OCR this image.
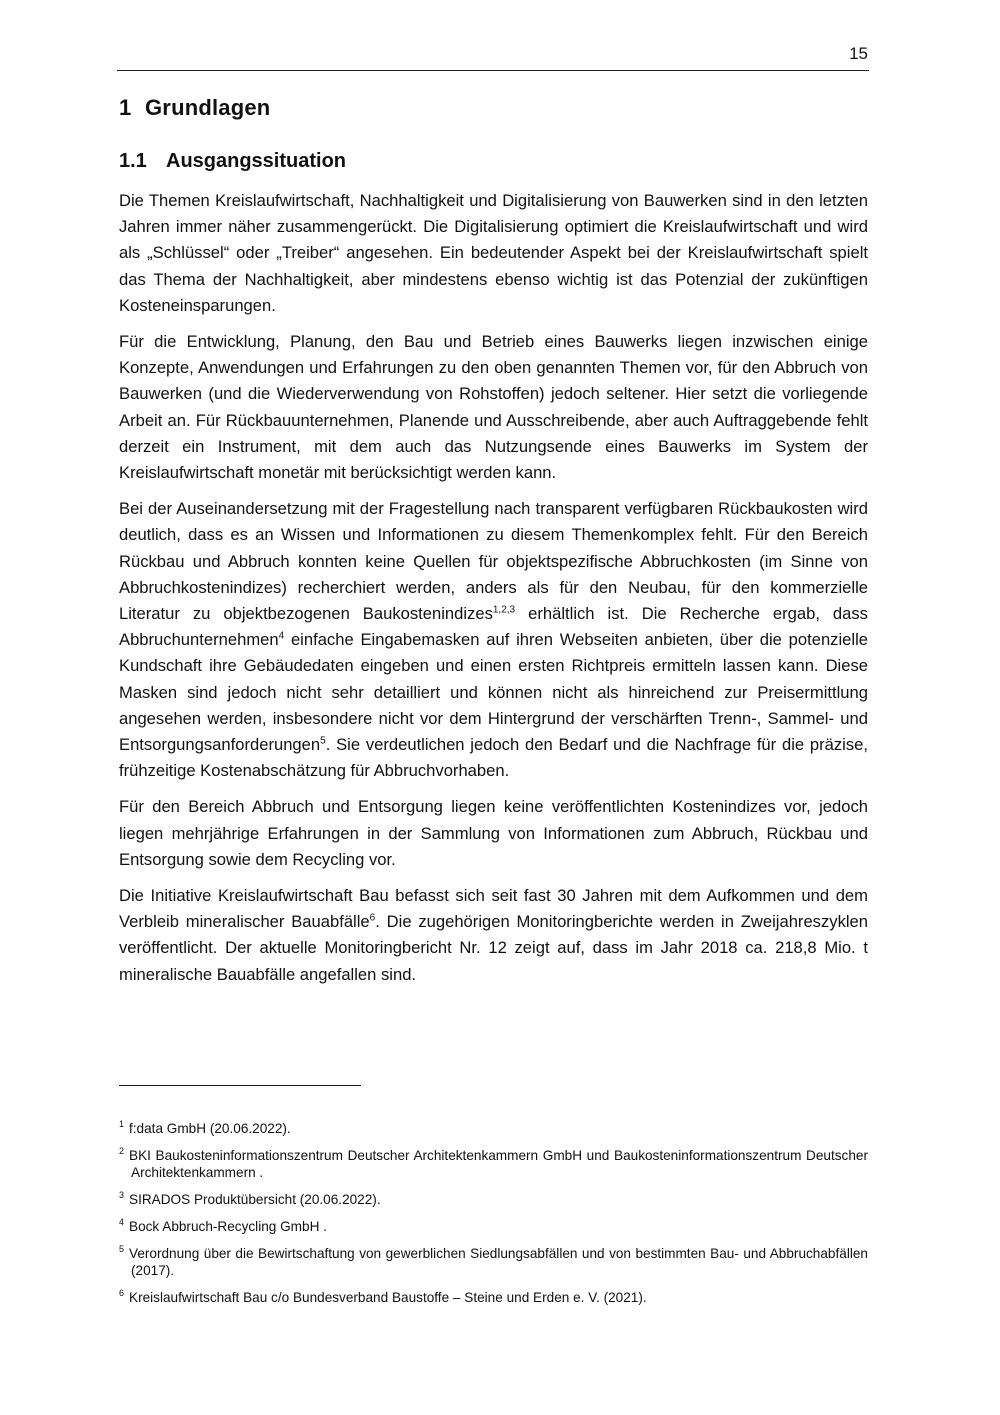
15
1 Grundlagen
1.1 Ausgangssituation

Die Themen Kreislaufwirtschaft, Nachhaltigkeit und Digitalisierung von Bauwerken sind in den letzten Jahren immer näher zusammengerückt. Die Digitalisierung optimiert die Kreislaufwirtschaft und wird als „Schlüssel“ oder „Treiber“ angesehen. Ein bedeutender Aspekt bei der Kreislaufwirtschaft spielt das Thema der Nachhaltigkeit, aber mindestens ebenso wichtig ist das Potenzial der zukünftigen Kosteneinsparungen.

Für die Entwicklung, Planung, den Bau und Betrieb eines Bauwerks liegen inzwischen einige Konzepte, Anwendungen und Erfahrungen zu den oben genannten Themen vor, für den Abbruch von Bauwerken (und die Wiederverwendung von Rohstoffen) jedoch seltener. Hier setzt die vorliegende Arbeit an. Für Rückbauunternehmen, Planende und Ausschreibende, aber auch Auftraggebende fehlt derzeit ein Instrument, mit dem auch das Nutzungsende eines Bauwerks im System der Kreislaufwirtschaft monetär mit berücksichtigt werden kann.

Bei der Auseinandersetzung mit der Fragestellung nach transparent verfügbaren Rückbaukosten wird deutlich, dass es an Wissen und Informationen zu diesem Themenkomplex fehlt. Für den Bereich Rückbau und Abbruch konnten keine Quellen für objektspezifische Abbruchkosten (im Sinne von Abbruchkostenindizes) recherchiert werden, anders als für den Neubau, für den kommerzielle Literatur zu objektbezogenen Baukostenindizes$^{1,2,3}$ erhältlich ist. Die Recherche ergab, dass Abbruchunternehmen$^4$ einfache Eingabemasken auf ihren Webseiten anbieten, über die potenzielle Kundschaft ihre Gebäudedaten eingeben und einen ersten Richtpreis ermitteln lassen kann. Diese Masken sind jedoch nicht sehr detailliert und können nicht als hinreichend zur Preisermittlung angesehen werden, insbesondere nicht vor dem Hintergrund der verschärften Trenn-, Sammel- und Entsorgungsanforderungen$^5$. Sie verdeutlichen jedoch den Bedarf und die Nachfrage für die präzise, frühzeitige Kostenabschätzung für Abbruchvorhaben.

Für den Bereich Abbruch und Entsorgung liegen keine veröffentlichten Kostenindizes vor, jedoch liegen mehrjährige Erfahrungen in der Sammlung von Informationen zum Abbruch, Rückbau und Entsorgung sowie dem Recycling vor.

Die Initiative Kreislaufwirtschaft Bau befasst sich seit fast 30 Jahren mit dem Aufkommen und dem Verbleib mineralischer Bauabfälle$^6$. Die zugehörigen Monitoringberichte werden in Zweijahreszyklen veröffentlicht. Der aktuelle Monitoringbericht Nr. 12 zeigt auf, dass im Jahr 2018 ca. 218,8 Mio. t mineralische Bauabfälle angefallen sind.

$^1$ f:data GmbH (20.06.2022).
$^2$ BKI Baukosteninformationszentrum Deutscher Architektenkammern GmbH und Baukosteninformationszentrum Deutscher Architektenkammern .
$^3$ SIRADOS Produktübersicht (20.06.2022).
$^4$ Bock Abbruch-Recycling GmbH .
$^5$ Verordnung über die Bewirtschaftung von gewerblichen Siedlungsabfällen und von bestimmten Bau- und Abbruchabfällen (2017).
$^6$ Kreislaufwirtschaft Bau c/o Bundesverband Baustoffe – Steine und Erden e. V. (2021).
